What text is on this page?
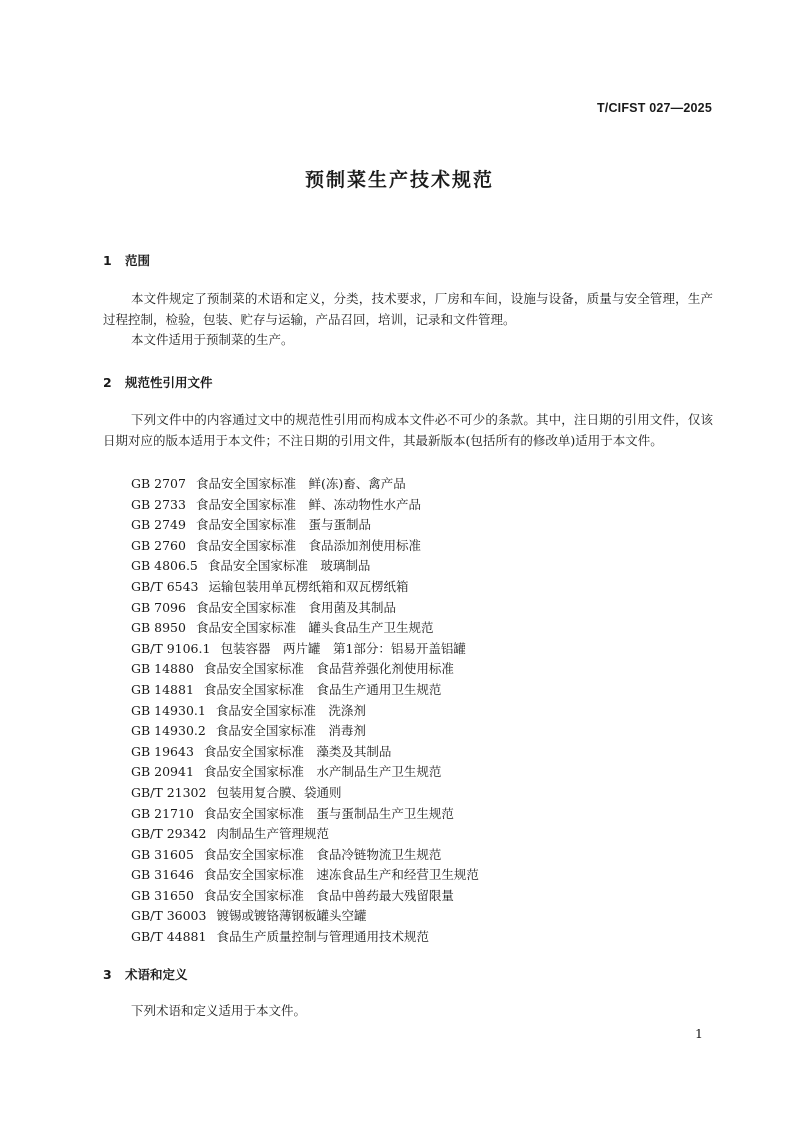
T/CIFST 027—2025
预制菜生产技术规范
1 范围
本文件规定了预制菜的术语和定义，分类，技术要求，厂房和车间，设施与设备，质量与安全管理，生产过程控制，检验，包装、贮存与运输，产品召回，培训，记录和文件管理。
本文件适用于预制菜的生产。
2 规范性引用文件
下列文件中的内容通过文中的规范性引用而构成本文件必不可少的条款。其中，注日期的引用文件，仅该日期对应的版本适用于本文件；不注日期的引用文件，其最新版本(包括所有的修改单)适用于本文件。
GB 2707 食品安全国家标准　鲜(冻)畜、禽产品
GB 2733 食品安全国家标准　鲜、冻动物性水产品
GB 2749 食品安全国家标准　蛋与蛋制品
GB 2760 食品安全国家标准　食品添加剂使用标准
GB 4806.5 食品安全国家标准　玻璃制品
GB/T 6543 运输包装用单瓦楞纸箱和双瓦楞纸箱
GB 7096 食品安全国家标准　食用菌及其制品
GB 8950 食品安全国家标准　罐头食品生产卫生规范
GB/T 9106.1 包装容器　两片罐　第1部分：铝易开盖铝罐
GB 14880 食品安全国家标准　食品营养强化剂使用标准
GB 14881 食品安全国家标准　食品生产通用卫生规范
GB 14930.1 食品安全国家标准　洗涤剂
GB 14930.2 食品安全国家标准　消毒剂
GB 19643 食品安全国家标准　藻类及其制品
GB 20941 食品安全国家标准　水产制品生产卫生规范
GB/T 21302 包装用复合膜、袋通则
GB 21710 食品安全国家标准　蛋与蛋制品生产卫生规范
GB/T 29342 肉制品生产管理规范
GB 31605 食品安全国家标准　食品冷链物流卫生规范
GB 31646 食品安全国家标准　速冻食品生产和经营卫生规范
GB 31650 食品安全国家标准　食品中兽药最大残留限量
GB/T 36003 镀锡或镀铬薄钢板罐头空罐
GB/T 44881 食品生产质量控制与管理通用技术规范
3 术语和定义
下列术语和定义适用于本文件。
1
